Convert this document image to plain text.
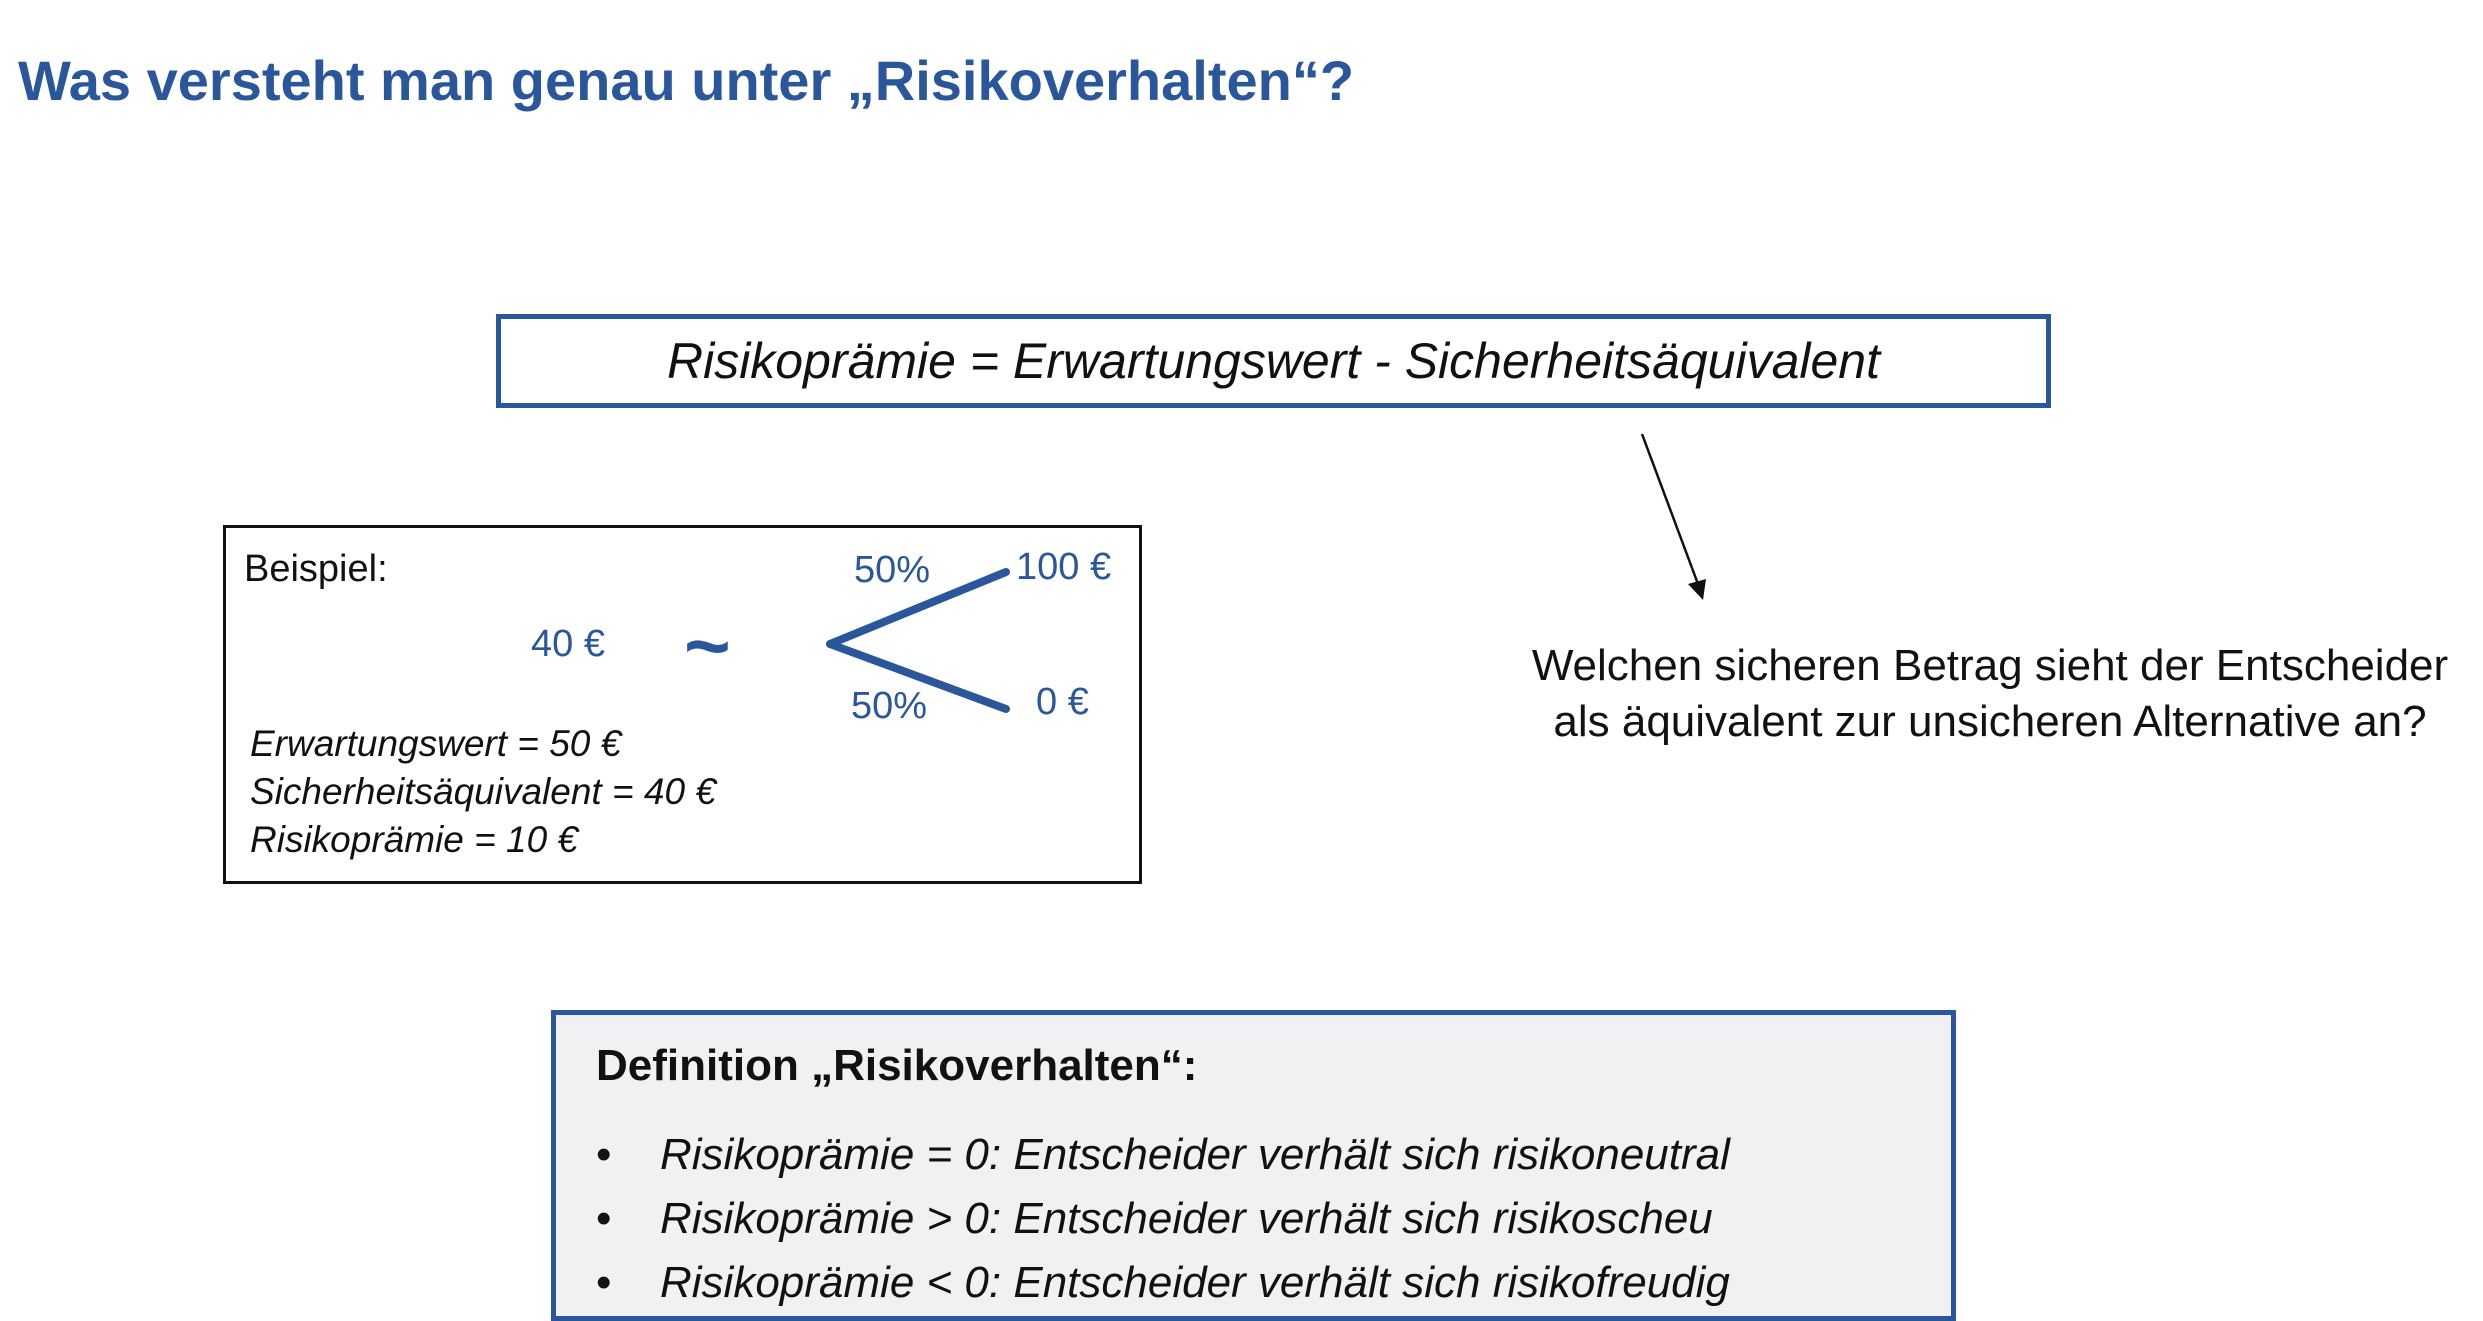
Was versteht man genau unter „Risikoverhalten“?
Risikoprämie = Erwartungswert - Sicherheitsäquivalent
Welchen sicheren Betrag sieht der Entscheider
als äquivalent zur unsicheren Alternative an?
Beispiel:
40 € ~
50%
50%
100 €
0 €
Erwartungswert = 50 €
Sicherheitsäquivalent = 40 €
Risikoprämie = 10 €
Definition „Risikoverhalten“:
•	Risikoprämie = 0: Entscheider verhält sich risikoneutral
•	Risikoprämie > 0: Entscheider verhält sich risikoscheu
•	Risikoprämie < 0: Entscheider verhält sich risikofreudig
